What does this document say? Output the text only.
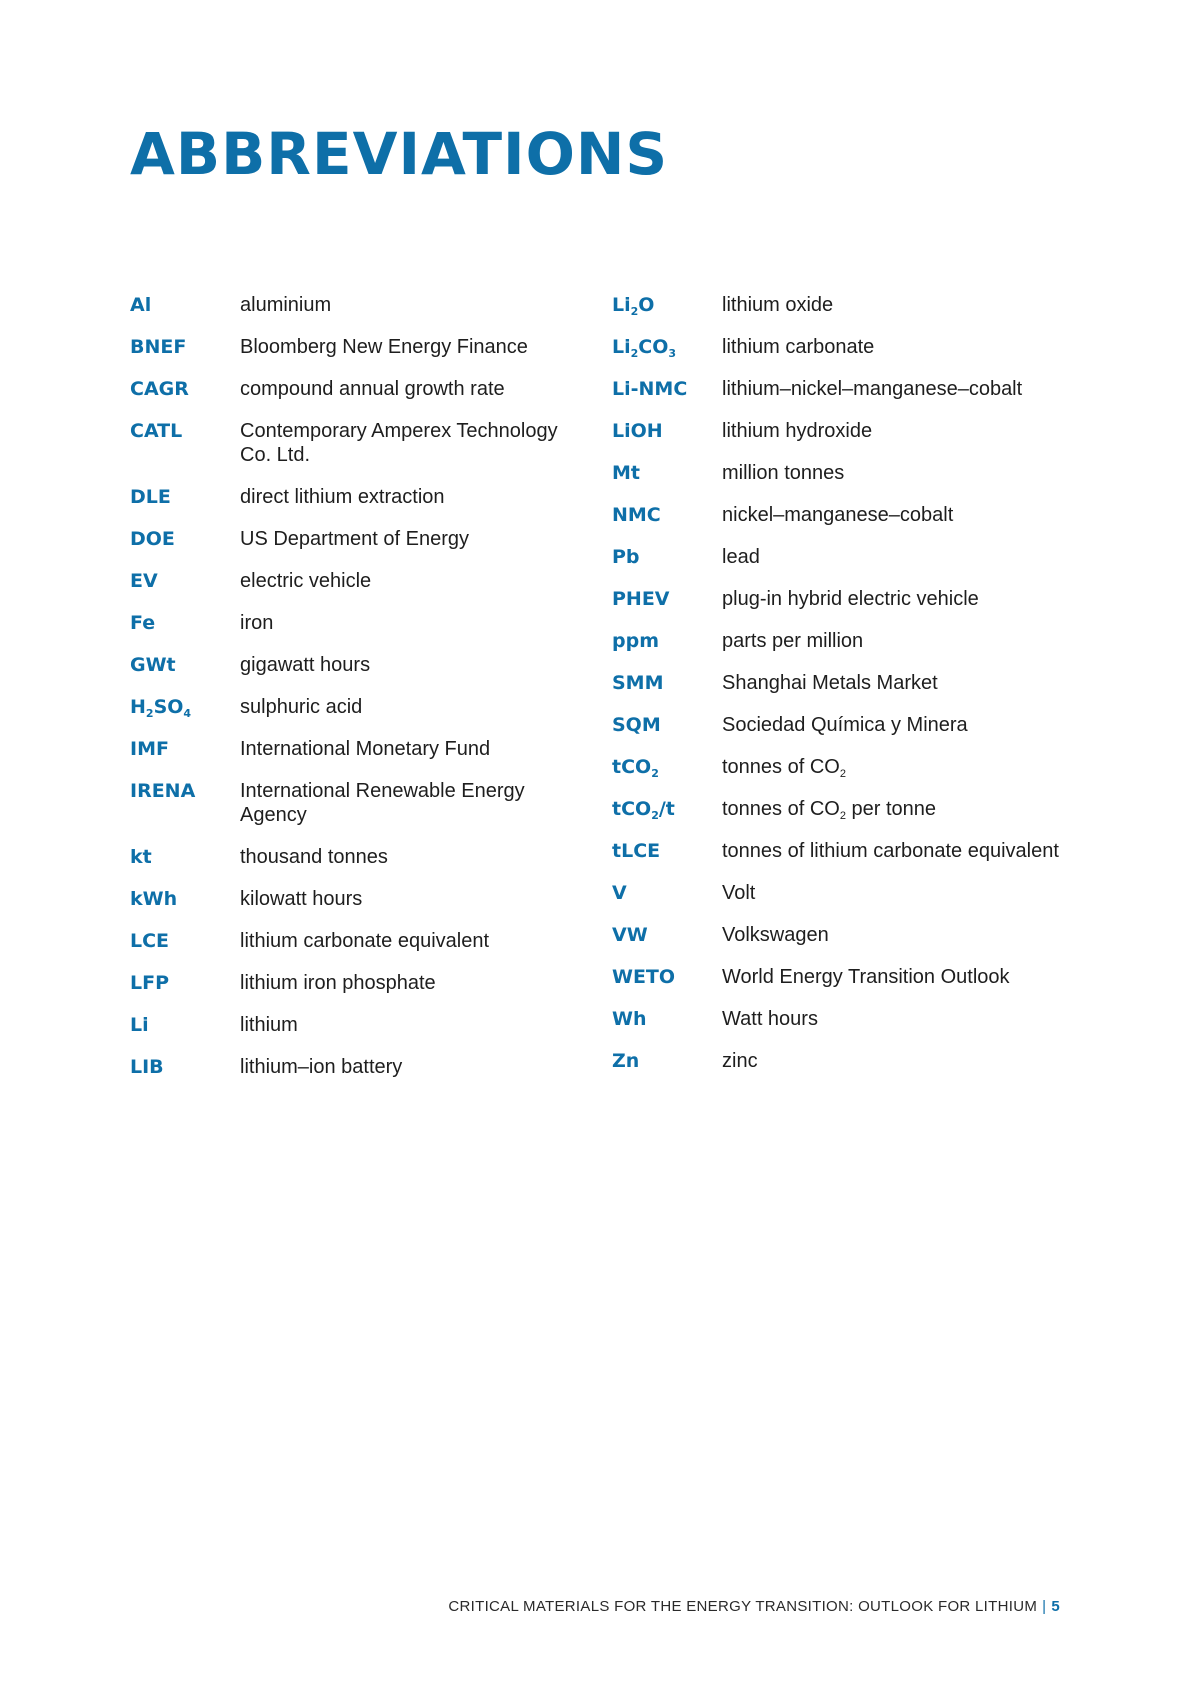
ABBREVIATIONS
Al	aluminium
BNEF	Bloomberg New Energy Finance
CAGR	compound annual growth rate
CATL	Contemporary Amperex Technology Co. Ltd.
DLE	direct lithium extraction
DOE	US Department of Energy
EV	electric vehicle
Fe	iron
GWt	gigawatt hours
$H_2SO_4$	sulphuric acid
IMF	International Monetary Fund
IRENA	International Renewable Energy Agency
kt	thousand tonnes
kWh	kilowatt hours
LCE	lithium carbonate equivalent
LFP	lithium iron phosphate
Li	lithium
LIB	lithium–ion battery
$Li_2O$	lithium oxide
$Li_2CO_3$	lithium carbonate
Li-NMC	lithium–nickel–manganese–cobalt
LiOH	lithium hydroxide
Mt	million tonnes
NMC	nickel–manganese–cobalt
Pb	lead
PHEV	plug-in hybrid electric vehicle
ppm	parts per million
SMM	Shanghai Metals Market
SQM	Sociedad Química y Minera
tCO$_2$	tonnes of $CO_2$
tCO$_2$/t	tonnes of $CO_2$ per tonne
tLCE	tonnes of lithium carbonate equivalent
V	Volt
VW	Volkswagen
WETO	World Energy Transition Outlook
Wh	Watt hours
Zn	zinc
CRITICAL MATERIALS FOR THE ENERGY TRANSITION: OUTLOOK FOR LITHIUM | 5
